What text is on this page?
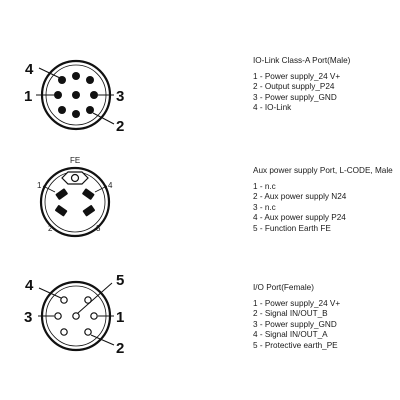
4
1	3
2
FE
1	4
2	3
4	5
3	1
2
IO-Link Class-A Port(Male)
1 - Power supply_24 V+
2 - Output supply_P24
3 - Power supply_GND
4 - IO-Link
Aux power supply Port, L-CODE, Male
1 - n.c
2 - Aux power supply N24
3 - n.c
4 - Aux power supply P24
5 - Function Earth FE
I/O Port(Female)
1 - Power supply_24 V+
2 - Signal IN/OUT_B
3 - Power supply_GND
4 - Signal IN/OUT_A
5 - Protective earth_PE
